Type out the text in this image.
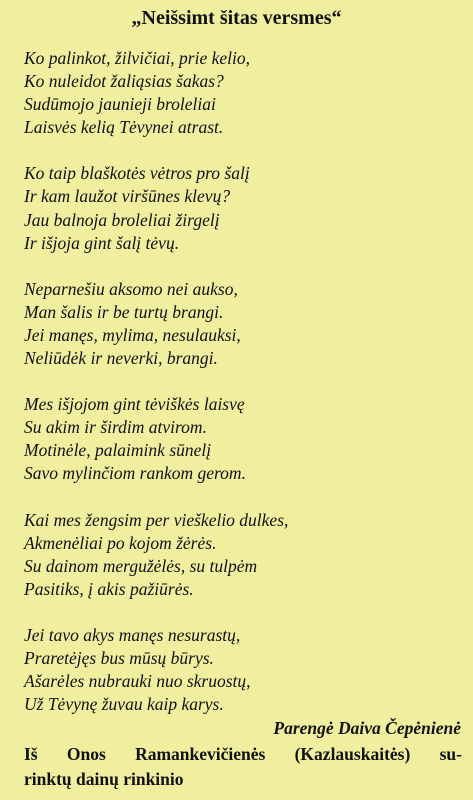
„Neišsimt šitas versmes“
Ko palinkot, žilvičiai, prie kelio,
Ko nuleidot žaliąsias šakas?
Sudūmojo jaunieji broleliai
Laisvės kelią Tėvynei atrast.
Ko taip blaškotės vėtros pro šalį
Ir kam laužot viršūnes klevų?
Jau balnoja broleliai žirgelį
Ir išjoja gint šalį tėvų.
Neparnešiu aksomo nei aukso,
Man šalis ir be turtų brangi.
Jei manęs, mylima, nesulauksi,
Neliūdėk ir neverki, brangi.
Mes išjojom gint tėviškės laisvę
Su akim ir širdim atvirom.
Motinėle, palaimink sūnelį
Savo mylinčiom rankom gerom.
Kai mes žengsim per vieškelio dulkes,
Akmenėliai po kojom žėrės.
Su dainom mergužėlės, su tulpėm
Pasitiks, į akis pažiūrės.
Jei tavo akys manęs nesurastų,
Praretėjęs bus mūsų būrys.
Ašarėles nubrauki nuo skruostų,
Už Tėvynę žuvau kaip karys.
Parengė Daiva Čepėnienė
Iš Onos Ramankevičienės (Kazlauskaitės) su-
rinktų dainų rinkinio
